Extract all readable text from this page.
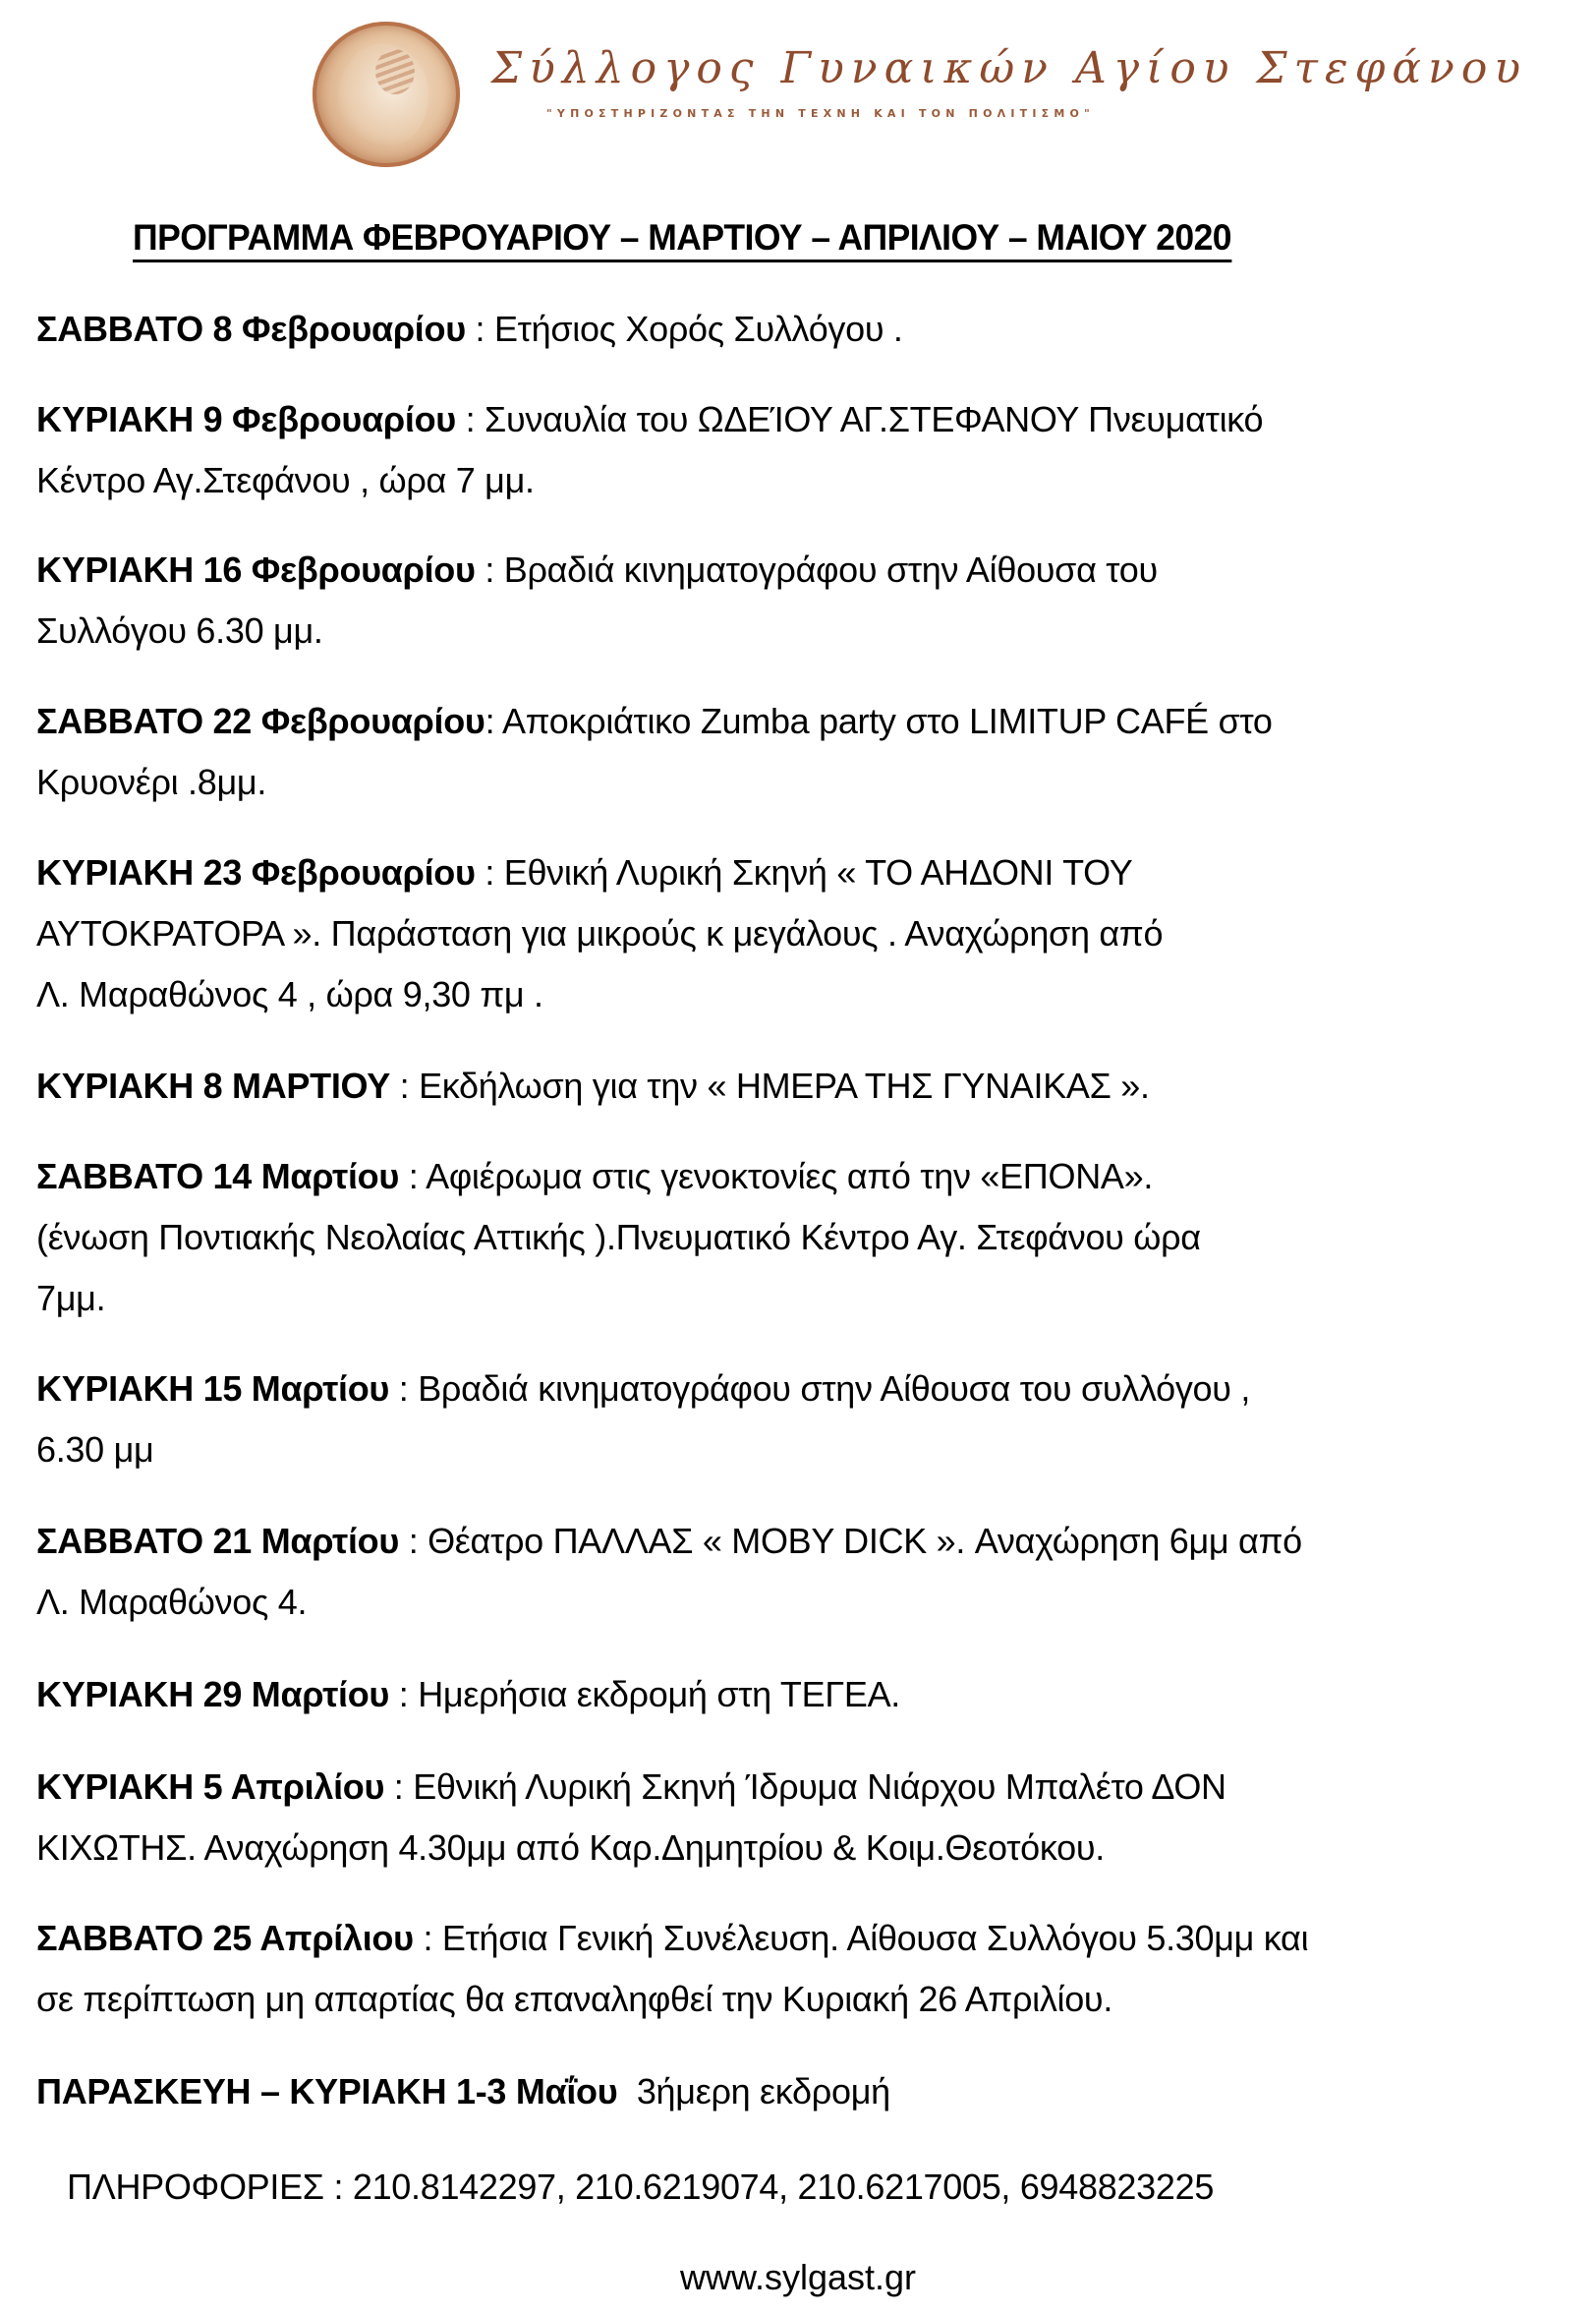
Σύλλογος Γυναικών Αγίου Στεφάνου
"ΥΠΟΣΤΗΡΙΖΟΝΤΑΣ ΤΗΝ ΤΕΧΝΗ ΚΑΙ ΤΟΝ ΠΟΛΙΤΙΣΜΟ"
ΠΡΟΓΡΑΜΜΑ ΦΕΒΡΟΥΑΡΙΟΥ – ΜΑΡΤΙΟΥ – ΑΠΡΙΛΙΟΥ – ΜΑΙΟΥ 2020
ΣΑΒΒΑΤΟ 8 Φεβρουαρίου : Ετήσιος Χορός Συλλόγου .
ΚΥΡΙΑΚΗ 9 Φεβρουαρίου : Συναυλία του ΩΔΕΊΟΥ ΑΓ.ΣΤΕΦΑΝΟΥ Πνευματικό
Κέντρο Αγ.Στεφάνου , ώρα 7 μμ.
ΚΥΡΙΑΚΗ 16 Φεβρουαρίου : Βραδιά κινηματογράφου στην Αίθουσα του
Συλλόγου 6.30 μμ.
ΣΑΒΒΑΤΟ 22 Φεβρουαρίου: Αποκριάτικο Zumba party στο LIMITUP CAFÉ στο
Κρυονέρι .8μμ.
ΚΥΡΙΑΚΗ 23 Φεβρουαρίου : Εθνική Λυρική Σκηνή « ΤΟ ΑΗΔΟΝΙ ΤΟΥ
ΑΥΤΟΚΡΑΤΟΡΑ ». Παράσταση για μικρούς κ μεγάλους . Αναχώρηση από
Λ. Μαραθώνος 4 , ώρα 9,30 πμ .
ΚΥΡΙΑΚΗ 8 ΜΑΡΤΙΟΥ : Εκδήλωση για την « ΗΜΕΡΑ ΤΗΣ ΓΥΝΑΙΚΑΣ ».
ΣΑΒΒΑΤΟ 14 Μαρτίου : Αφιέρωμα στις γενοκτονίες από την «ΕΠΟΝΑ».
(ένωση Ποντιακής Νεολαίας Αττικής ).Πνευματικό Κέντρο Αγ. Στεφάνου ώρα
7μμ.
ΚΥΡΙΑΚΗ 15 Μαρτίου : Βραδιά κινηματογράφου στην Αίθουσα του συλλόγου ,
6.30 μμ
ΣΑΒΒΑΤΟ 21 Μαρτίου : Θέατρο ΠΑΛΛΑΣ « MOBY DICK ». Αναχώρηση 6μμ από
Λ. Μαραθώνος 4.
ΚΥΡΙΑΚΗ 29 Μαρτίου : Ημερήσια εκδρομή στη ΤΕΓΕΑ.
ΚΥΡΙΑΚΗ 5 Απριλίου : Εθνική Λυρική Σκηνή Ίδρυμα Νιάρχου Μπαλέτο ΔΟΝ
ΚΙΧΩΤΗΣ. Αναχώρηση 4.30μμ από Καρ.Δημητρίου & Κοιμ.Θεοτόκου.
ΣΑΒΒΑΤΟ 25 Απρίλιου : Ετήσια Γενική Συνέλευση. Αίθουσα Συλλόγου 5.30μμ και
σε περίπτωση μη απαρτίας θα επαναληφθεί την Κυριακή 26 Απριλίου.
ΠΑΡΑΣΚΕΥΗ – ΚΥΡΙΑΚΗ 1-3 Μαΐου 3ήμερη εκδρομή
ΠΛΗΡΟΦΟΡΙΕΣ : 210.8142297, 210.6219074, 210.6217005, 6948823225
www.sylgast.gr
